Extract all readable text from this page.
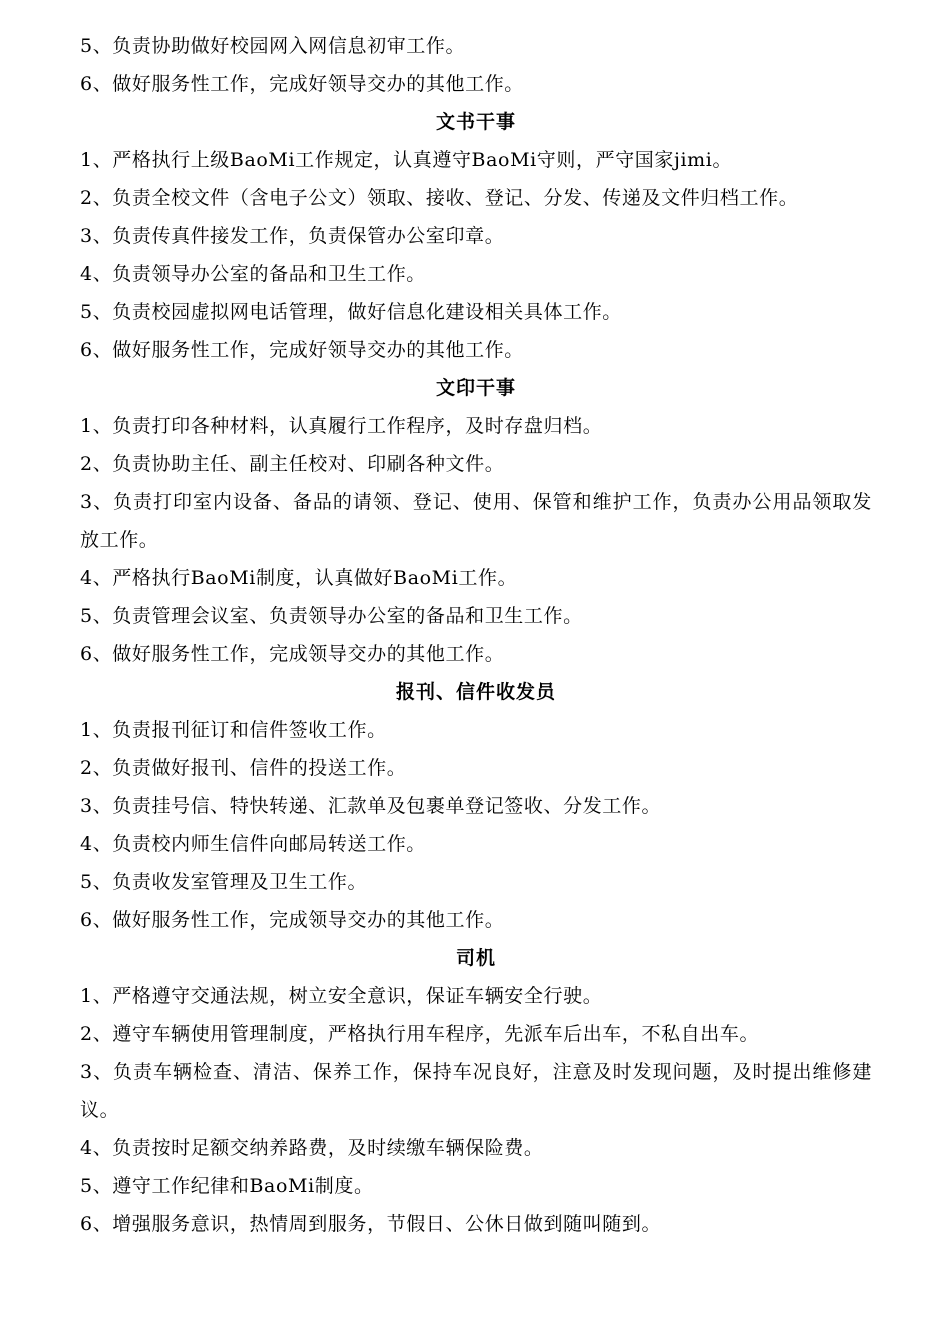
5、负责协助做好校园网入网信息初审工作。
6、做好服务性工作，完成好领导交办的其他工作。
文书干事
1、严格执行上级BaoMi工作规定，认真遵守BaoMi守则，严守国家jimi。
2、负责全校文件（含电子公文）领取、接收、登记、分发、传递及文件归档工作。
3、负责传真件接发工作，负责保管办公室印章。
4、负责领导办公室的备品和卫生工作。
5、负责校园虚拟网电话管理，做好信息化建设相关具体工作。
6、做好服务性工作，完成好领导交办的其他工作。
文印干事
1、负责打印各种材料，认真履行工作程序，及时存盘归档。
2、负责协助主任、副主任校对、印刷各种文件。
3、负责打印室内设备、备品的请领、登记、使用、保管和维护工作，负责办公用品领取发放工作。
4、严格执行BaoMi制度，认真做好BaoMi工作。
5、负责管理会议室、负责领导办公室的备品和卫生工作。
6、做好服务性工作，完成领导交办的其他工作。
报刊、信件收发员
1、负责报刊征订和信件签收工作。
2、负责做好报刊、信件的投送工作。
3、负责挂号信、特快转递、汇款单及包裹单登记签收、分发工作。
4、负责校内师生信件向邮局转送工作。
5、负责收发室管理及卫生工作。
6、做好服务性工作，完成领导交办的其他工作。
司机
1、严格遵守交通法规，树立安全意识，保证车辆安全行驶。
2、遵守车辆使用管理制度，严格执行用车程序，先派车后出车，不私自出车。
3、负责车辆检查、清洁、保养工作，保持车况良好，注意及时发现问题，及时提出维修建议。
4、负责按时足额交纳养路费，及时续缴车辆保险费。
5、遵守工作纪律和BaoMi制度。
6、增强服务意识，热情周到服务，节假日、公休日做到随叫随到。
